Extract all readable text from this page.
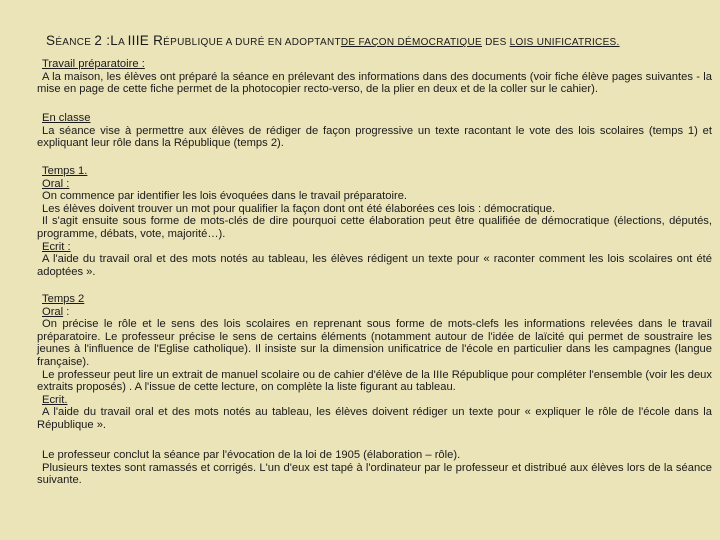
SÉANCE 2 :LA IIIE RÉPUBLIQUE A DURÉ EN ADOPTANTDE FAÇON DÉMOCRATIQUE DES LOIS UNIFICATRICES.

Travail préparatoire :

A la maison, les élèves ont préparé la séance en prélevant des informations dans des documents (voir fiche élève pages suivantes - la mise en page de cette fiche permet de la photocopier recto-verso, de la plier en deux et de la coller sur le cahier).

En classe

La séance vise à permettre aux élèves de rédiger de façon progressive un texte racontant le vote des lois scolaires (temps 1) et expliquant leur rôle dans la République (temps 2).

Temps 1.

Oral :

On commence par identifier les lois évoquées dans le travail préparatoire.

Les élèves doivent trouver un mot pour qualifier la façon dont ont été élaborées ces lois : démocratique.

Il s'agit ensuite sous forme de mots-clés de dire pourquoi cette élaboration peut être qualifiée de démocratique (élections, députés, programme, débats, vote, majorité…).

Ecrit :

A l'aide du travail oral et des mots notés au tableau, les élèves rédigent un texte pour « raconter comment les lois scolaires ont été adoptées ».

Temps 2

Oral :

On précise le rôle et le sens des lois scolaires en reprenant sous forme de mots-clefs les informations relevées dans le travail préparatoire. Le professeur précise le sens de certains éléments (notamment autour de l'idée de laïcité qui permet de soustraire les jeunes à l'influence de l'Eglise catholique). Il insiste sur la dimension unificatrice de l'école en particulier dans les campagnes (langue française).

Le professeur peut lire un extrait de manuel scolaire ou de cahier d'élève de la IIIe République pour compléter l'ensemble (voir les deux extraits proposés) . A l'issue de cette lecture, on complète la liste figurant au tableau.

Ecrit.

A l'aide du travail oral et des mots notés au tableau, les élèves doivent rédiger un texte pour « expliquer le rôle de l'école dans la République ».

Le professeur conclut la séance par l'évocation de la loi de 1905 (élaboration – rôle).

Plusieurs textes sont ramassés et corrigés. L'un d'eux est tapé à l'ordinateur par le professeur et distribué aux élèves lors de la séance suivante.
